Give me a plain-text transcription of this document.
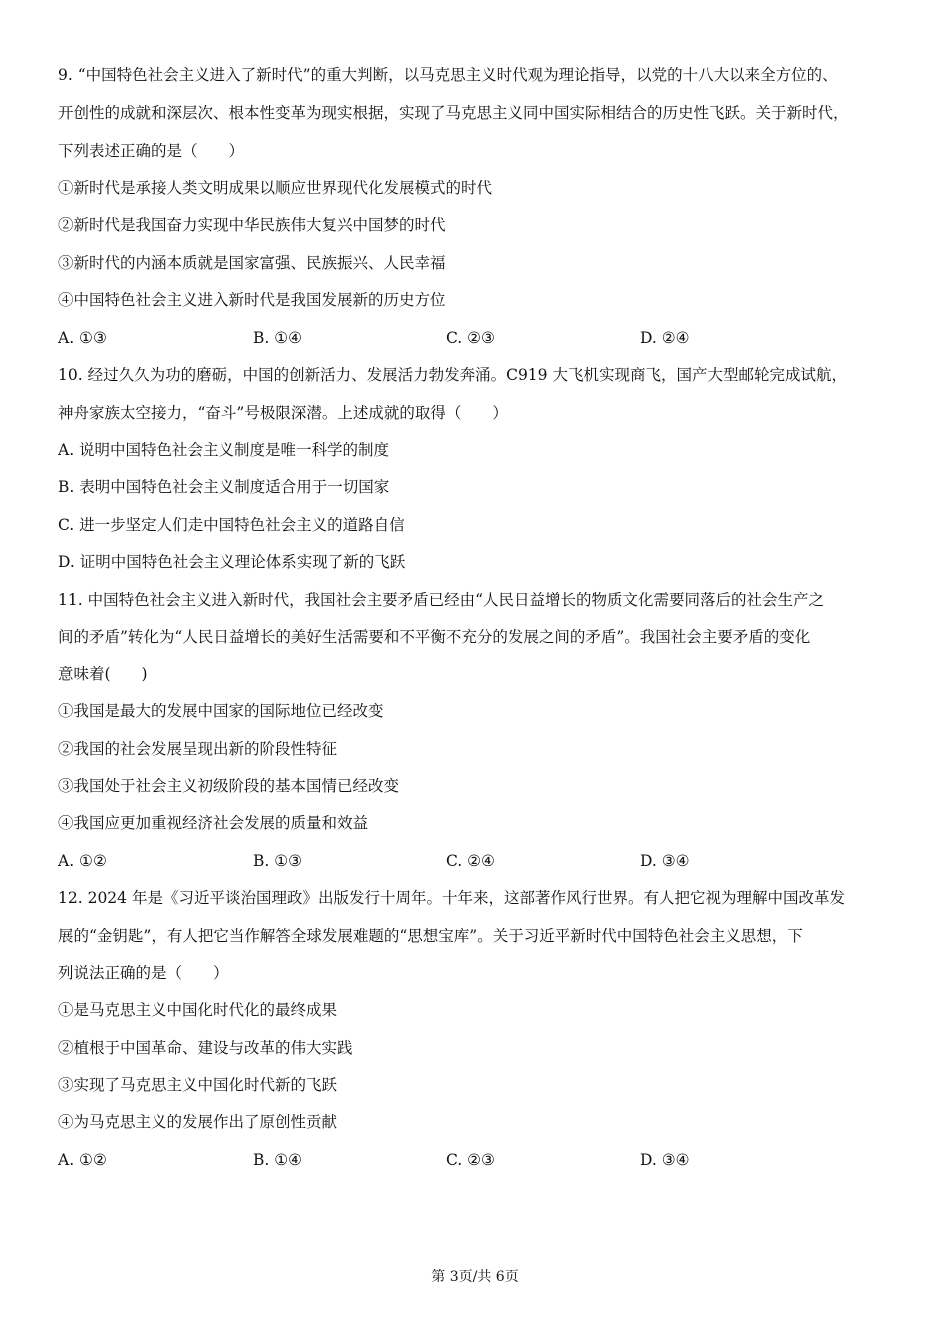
9. “中国特色社会主义进入了新时代”的重大判断，以马克思主义时代观为理论指导，以党的十八大以来全方位的、
开创性的成就和深层次、根本性变革为现实根据，实现了马克思主义同中国实际相结合的历史性飞跃。关于新时代，
下列表述正确的是（　　）
①新时代是承接人类文明成果以顺应世界现代化发展模式的时代
②新时代是我国奋力实现中华民族伟大复兴中国梦的时代
③新时代的内涵本质就是国家富强、民族振兴、人民幸福
④中国特色社会主义进入新时代是我国发展新的历史方位
A. ①③	B. ①④	C. ②③	D. ②④
10. 经过久久为功的磨砺，中国的创新活力、发展活力勃发奔涌。C919 大飞机实现商飞，国产大型邮轮完成试航，
神舟家族太空接力，“奋斗”号极限深潜。上述成就的取得（　　）
A. 说明中国特色社会主义制度是唯一科学的制度
B. 表明中国特色社会主义制度适合用于一切国家
C. 进一步坚定人们走中国特色社会主义的道路自信
D. 证明中国特色社会主义理论体系实现了新的飞跃
11. 中国特色社会主义进入新时代，我国社会主要矛盾已经由“人民日益增长的物质文化需要同落后的社会生产之
间的矛盾”转化为“人民日益增长的美好生活需要和不平衡不充分的发展之间的矛盾”。我国社会主要矛盾的变化
意味着(　　)
①我国是最大的发展中国家的国际地位已经改变
②我国的社会发展呈现出新的阶段性特征
③我国处于社会主义初级阶段的基本国情已经改变
④我国应更加重视经济社会发展的质量和效益
A. ①②	B. ①③	C. ②④	D. ③④
12. 2024 年是《习近平谈治国理政》出版发行十周年。十年来，这部著作风行世界。有人把它视为理解中国改革发
展的“金钥匙”，有人把它当作解答全球发展难题的“思想宝库”。关于习近平新时代中国特色社会主义思想，下
列说法正确的是（　　）
①是马克思主义中国化时代化的最终成果
②植根于中国革命、建设与改革的伟大实践
③实现了马克思主义中国化时代新的飞跃
④为马克思主义的发展作出了原创性贡献
A. ①②	B. ①④	C. ②③	D. ③④
第 3页/共 6页
